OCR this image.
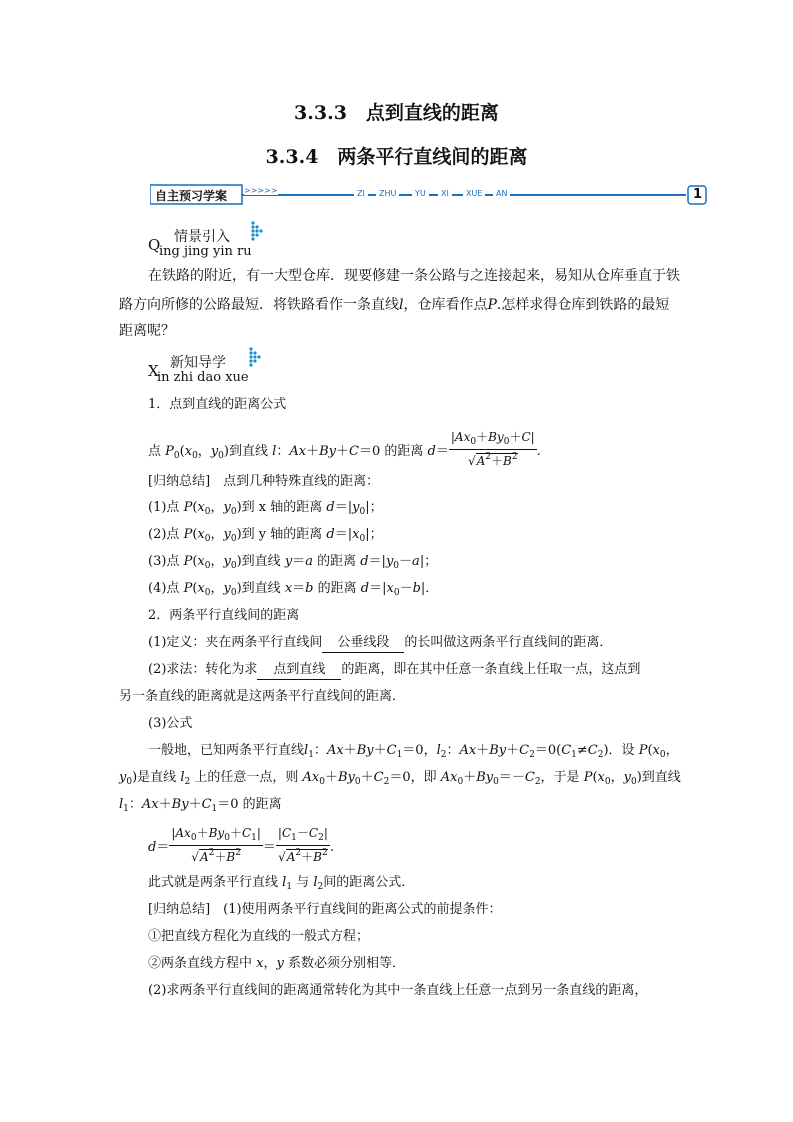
3.3.3　点到直线的距离
3.3.4　两条平行直线间的距离
自主预习学案 >>>>>	ZI	ZHU	YU	XI	XUE	AN	1
Q 情景引入
ing jing yin ru
在铁路的附近，有一大型仓库．现要修建一条公路与之连接起来，易知从仓库垂直于铁
路方向所修的公路最短．将铁路看作一条直线l，仓库看作点P.怎样求得仓库到铁路的最短
距离呢？
X 新知导学
in zhi dao xue
1．点到直线的距离公式
点 $P_0(x_0$，$y_0$)到直线 l：Ax＋By＋C＝0 的距离 $d= \frac{|Ax_0+By_0+C|}{√A^2+B^2}$ .
[归纳总结]　点到几种特殊直线的距离：
(1)点 $P(x_0$，$y_0$)到 x 轴的距离 $d=|y_0|$；
(2)点 $P(x_0$，$y_0$)到 y 轴的距离 $d=|x_0|$；
(3)点 $P(x_0$，$y_0$)到直线 y＝a 的距离 $d=|y_0-a|$；
(4)点 $P(x_0$，$y_0$)到直线 x＝b 的距离 $d=|x_0-b|$．
2．两条平行直线间的距离
(1)定义：夹在两条平行直线间 公垂线段 的长叫做这两条平行直线间的距离．
(2)求法：转化为求 点到直线 的距离，即在其中任意一条直线上任取一点，这点到
另一条直线的距离就是这两条平行直线间的距离．
(3)公式
一般地，已知两条平行直线$l_1$：$Ax+By+C_1=0$，$l_2$：$Ax+By+C_2=0(C_1\ne C_2)$．设 $P(x_0$，
$y_0$)是直线 $l_2$ 上的任意一点，则 $Ax_0+By_0+C_2=0$，即 $Ax_0+By_0=-C_2$，于是 $P(x_0$，$y_0$)到直线
$l_1$：$Ax+By+C_1=0$ 的距离
$d= \frac{|Ax_0+By_0+C_1|}{√A^2+B^2} = \frac{|C_1-C_2|}{√A^2+B^2}$ .
此式就是两条平行直线 $l_1$ 与 $l_2$间的距离公式．
[归纳总结]　(1)使用两条平行直线间的距离公式的前提条件：
①把直线方程化为直线的一般式方程；
②两条直线方程中 x，y 系数必须分别相等．
(2)求两条平行直线间的距离通常转化为其中一条直线上任意一点到另一条直线的距离，
